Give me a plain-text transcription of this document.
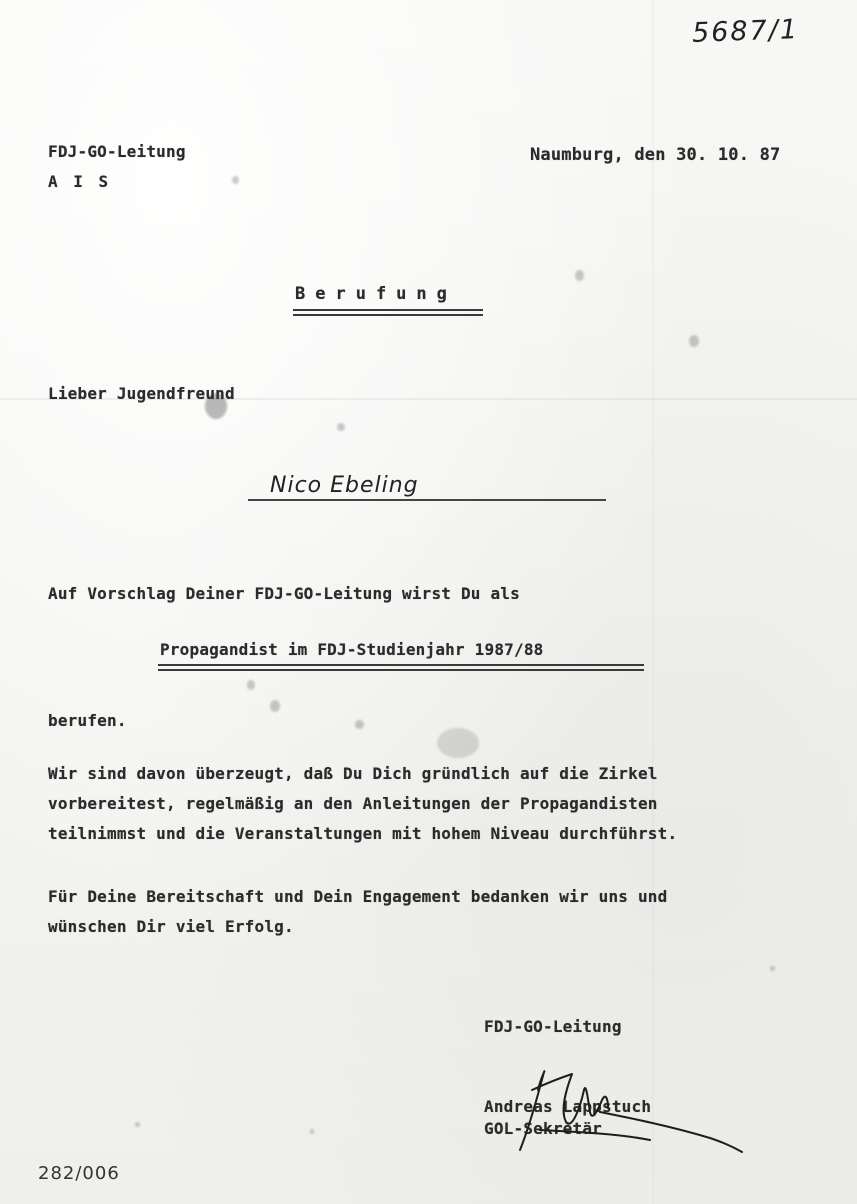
5687/1
FDJ-GO-Leitung
A I S
Naumburg, den 30. 10. 87
Berufung
Lieber Jugendfreund
Nico Ebeling
Auf Vorschlag Deiner FDJ-GO-Leitung wirst Du als
Propagandist im FDJ-Studienjahr 1987/88
berufen.
Wir sind davon überzeugt, daß Du Dich gründlich auf die Zirkel
vorbereitest, regelmäßig an den Anleitungen der Propagandisten
teilnimmst und die Veranstaltungen mit hohem Niveau durchführst.
Für Deine Bereitschaft und Dein Engagement bedanken wir uns und
wünschen Dir viel Erfolg.
FDJ-GO-Leitung
Andreas Lappstuch
GOL-Sekretär
282/006
